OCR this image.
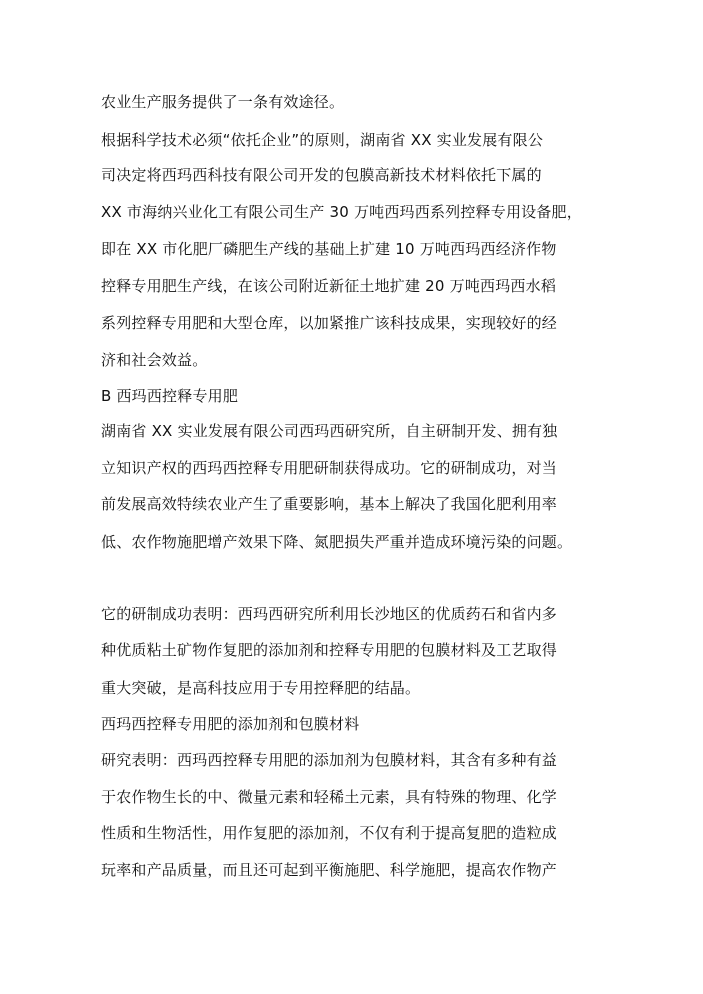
农业生产服务提供了一条有效途径。
根据科学技术必须“依托企业”的原则，湖南省 XX 实业发展有限公
司决定将西玛西科技有限公司开发的包膜高新技术材料依托下属的
XX 市海纳兴业化工有限公司生产 30 万吨西玛西系列控释专用设备肥，
即在 XX 市化肥厂磷肥生产线的基础上扩建 10 万吨西玛西经济作物
控释专用肥生产线，在该公司附近新征土地扩建 20 万吨西玛西水稻
系列控释专用肥和大型仓库，以加紧推广该科技成果，实现较好的经
济和社会效益。
B 西玛西控释专用肥
湖南省 XX 实业发展有限公司西玛西研究所，自主研制开发、拥有独
立知识产权的西玛西控释专用肥研制获得成功。它的研制成功，对当
前发展高效特续农业产生了重要影响，基本上解决了我国化肥利用率
低、农作物施肥增产效果下降、氮肥损失严重并造成环境污染的问题。
它的研制成功表明：西玛西研究所利用长沙地区的优质药石和省内多
种优质粘土矿物作复肥的添加剂和控释专用肥的包膜材料及工艺取得
重大突破，是高科技应用于专用控释肥的结晶。
西玛西控释专用肥的添加剂和包膜材料
研究表明：西玛西控释专用肥的添加剂为包膜材料，其含有多种有益
于农作物生长的中、微量元素和轻稀土元素，具有特殊的物理、化学
性质和生物活性，用作复肥的添加剂，不仅有利于提高复肥的造粒成
玩率和产品质量，而且还可起到平衡施肥、科学施肥，提高农作物产
